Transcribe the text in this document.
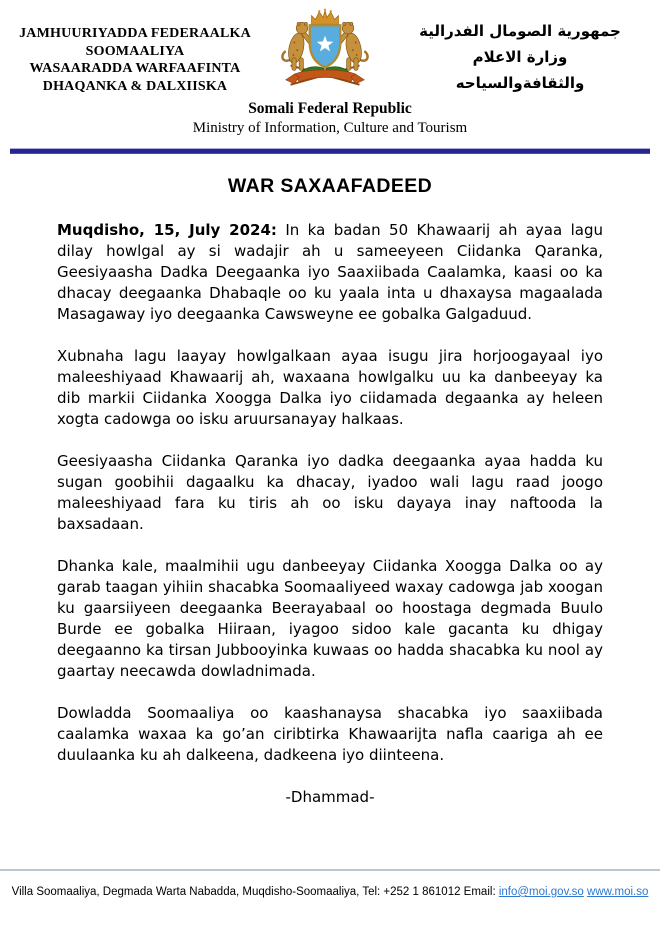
JAMHUURIYADDA FEDERAALKA
SOOMAALIYA
WASAARADDA WARFAAFINTA
DHAQANKA & DALXIISKA
جمهورية الصومال الفدرالية
وزارة الاعلام
والثقافةوالسياحه
Somali Federal Republic
Ministry of Information, Culture and Tourism
WAR SAXAAFADEED

Muqdisho, 15, July 2024: In ka badan 50 Khawaarij ah ayaa lagu dilay howlgal ay si wadajir ah u sameeyeen Ciidanka Qaranka, Geesiyaasha Dadka Deegaanka iyo Saaxiibada Caalamka, kaasi oo ka dhacay deegaanka Dhabaqle oo ku yaala inta u dhaxaysa magaalada Masagaway iyo deegaanka Cawsweyne ee gobalka Galgaduud.

Xubnaha lagu laayay howlgalkaan ayaa isugu jira horjoogayaal iyo maleeshiyaad Khawaarij ah, waxaana howlgalku uu ka danbeeyay ka dib markii Ciidanka Xoogga Dalka iyo ciidamada degaanka ay heleen xogta cadowga oo isku aruursanayay halkaas.

Geesiyaasha Ciidanka Qaranka iyo dadka deegaanka ayaa hadda ku sugan goobihii dagaalku ka dhacay, iyadoo wali lagu raad joogo maleeshiyaad fara ku tiris ah oo isku dayaya inay naftooda la baxsadaan.

Dhanka kale, maalmihii ugu danbeeyay Ciidanka Xoogga Dalka oo ay garab taagan yihiin shacabka Soomaaliyeed waxay cadowga jab xoogan ku gaarsiiyeen deegaanka Beerayabaal oo hoostaga degmada Buulo Burde ee gobalka Hiiraan, iyagoo sidoo kale gacanta ku dhigay deegaanno ka tirsan Jubbooyinka kuwaas oo hadda shacabka ku nool ay gaartay neecawda dowladnimada.

Dowladda Soomaaliya oo kaashanaysa shacabka iyo saaxiibada caalamka waxaa ka go’an ciribtirka Khawaarijta nafla caariga ah ee duulaanka ku ah dalkeena, dadkeena iyo diinteena.

-Dhammad-

Villa Soomaaliya, Degmada Warta Nabadda, Muqdisho-Soomaaliya, Tel: +252 1 861012 Email: info@moi.gov.so www.moi.so
